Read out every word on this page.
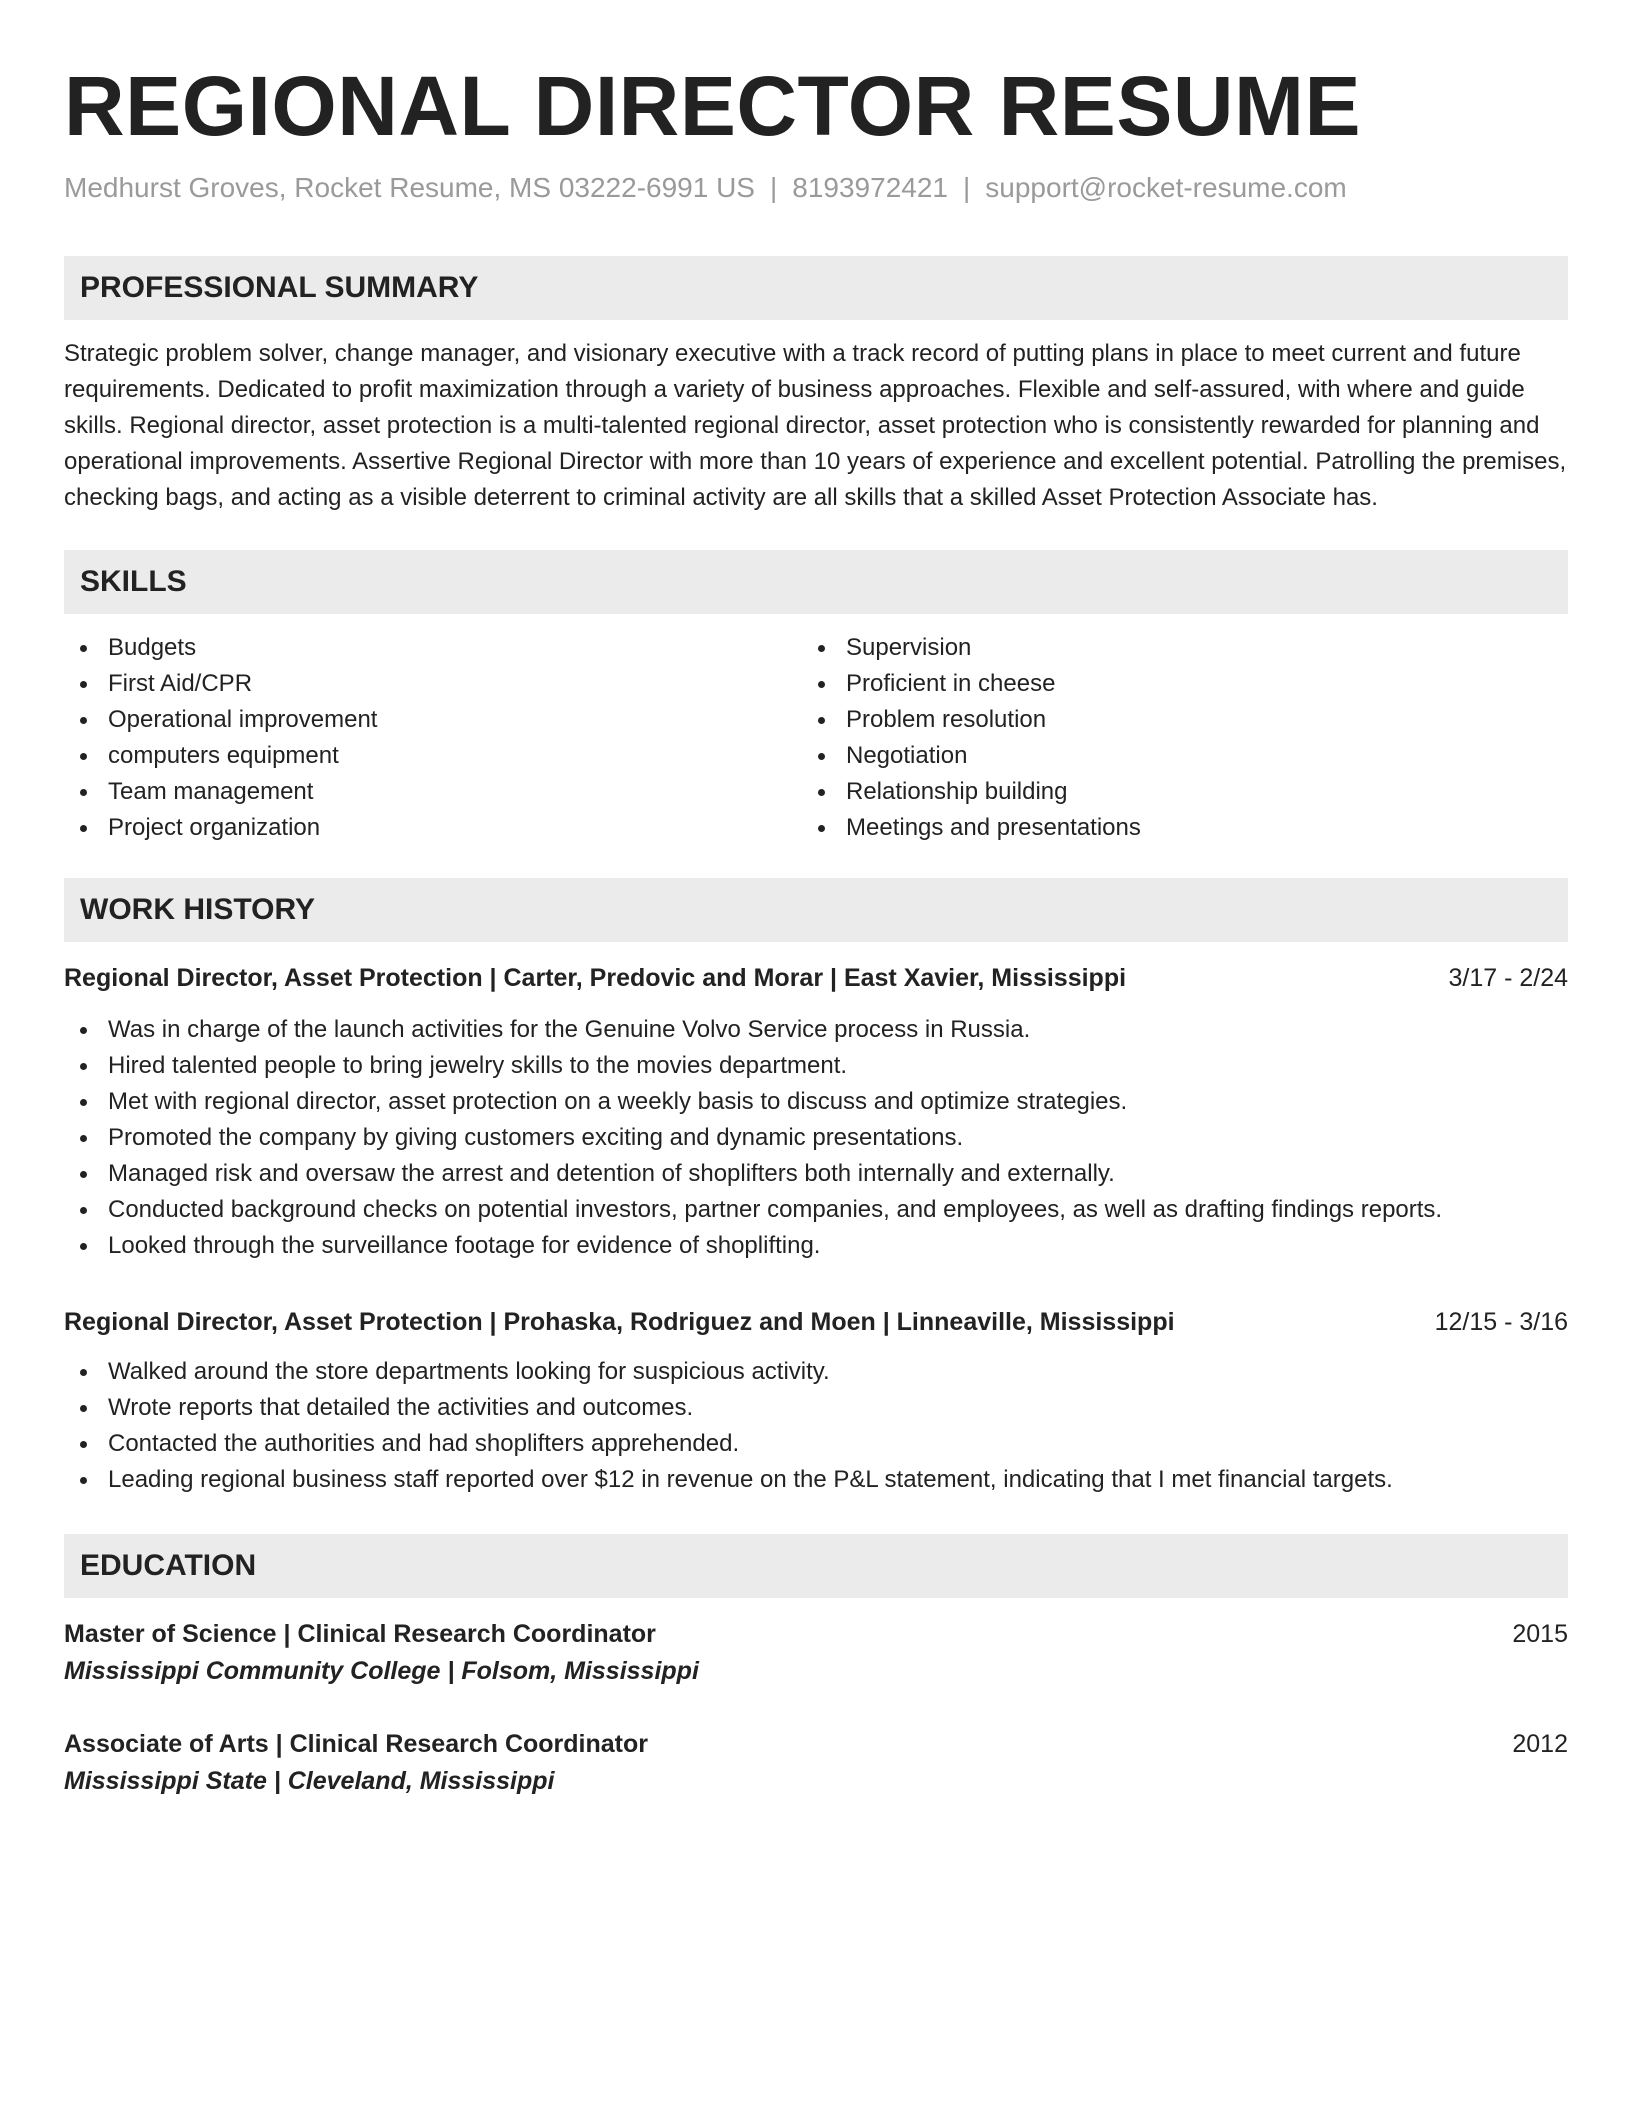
REGIONAL DIRECTOR RESUME
Medhurst Groves, Rocket Resume, MS 03222-6991 US | 8193972421 | support@rocket-resume.com
PROFESSIONAL SUMMARY
Strategic problem solver, change manager, and visionary executive with a track record of putting plans in place to meet current and future requirements. Dedicated to profit maximization through a variety of business approaches. Flexible and self-assured, with where and guide skills. Regional director, asset protection is a multi-talented regional director, asset protection who is consistently rewarded for planning and operational improvements. Assertive Regional Director with more than 10 years of experience and excellent potential. Patrolling the premises, checking bags, and acting as a visible deterrent to criminal activity are all skills that a skilled Asset Protection Associate has.
SKILLS
Budgets
First Aid/CPR
Operational improvement
computers equipment
Team management
Project organization
Supervision
Proficient in cheese
Problem resolution
Negotiation
Relationship building
Meetings and presentations
WORK HISTORY
Regional Director, Asset Protection | Carter, Predovic and Morar | East Xavier, Mississippi	3/17 - 2/24
Was in charge of the launch activities for the Genuine Volvo Service process in Russia.
Hired talented people to bring jewelry skills to the movies department.
Met with regional director, asset protection on a weekly basis to discuss and optimize strategies.
Promoted the company by giving customers exciting and dynamic presentations.
Managed risk and oversaw the arrest and detention of shoplifters both internally and externally.
Conducted background checks on potential investors, partner companies, and employees, as well as drafting findings reports.
Looked through the surveillance footage for evidence of shoplifting.
Regional Director, Asset Protection | Prohaska, Rodriguez and Moen | Linneaville, Mississippi	12/15 - 3/16
Walked around the store departments looking for suspicious activity.
Wrote reports that detailed the activities and outcomes.
Contacted the authorities and had shoplifters apprehended.
Leading regional business staff reported over $12 in revenue on the P&L statement, indicating that I met financial targets.
EDUCATION
Master of Science | Clinical Research Coordinator	2015
Mississippi Community College | Folsom, Mississippi
Associate of Arts | Clinical Research Coordinator	2012
Mississippi State | Cleveland, Mississippi
